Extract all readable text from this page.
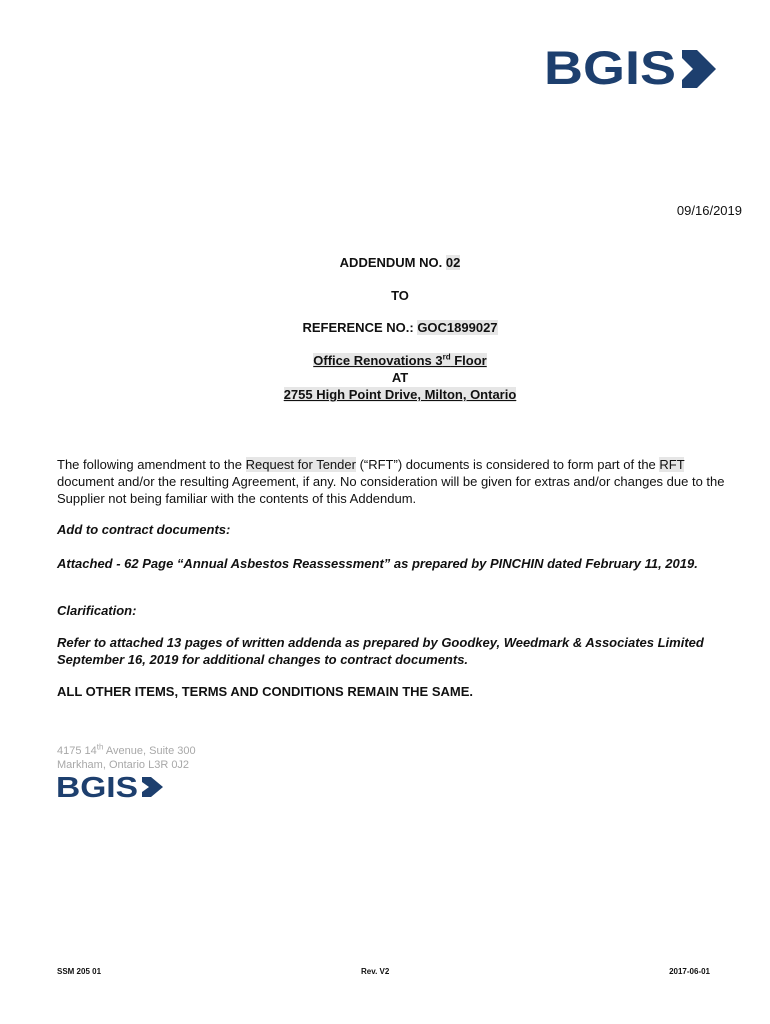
BGIS
09/16/2019
ADDENDUM NO. 02
TO
REFERENCE NO.: GOC1899027
Office Renovations 3rd Floor
AT
2755 High Point Drive, Milton, Ontario
The following amendment to the Request for Tender (“RFT”) documents is considered to form part of the RFT document and/or the resulting Agreement, if any. No consideration will be given for extras and/or changes due to the Supplier not being familiar with the contents of this Addendum.
Add to contract documents:
Attached - 62 Page “Annual Asbestos Reassessment” as prepared by PINCHIN dated February 11, 2019.
Clarification:
Refer to attached 13 pages of written addenda as prepared by Goodkey, Weedmark & Associates Limited September 16, 2019 for additional changes to contract documents.
ALL OTHER ITEMS, TERMS AND CONDITIONS REMAIN THE SAME.
4175 14th Avenue, Suite 300
Markham, Ontario L3R 0J2
BGIS
SSM 205 01	Rev. V2	2017-06-01
